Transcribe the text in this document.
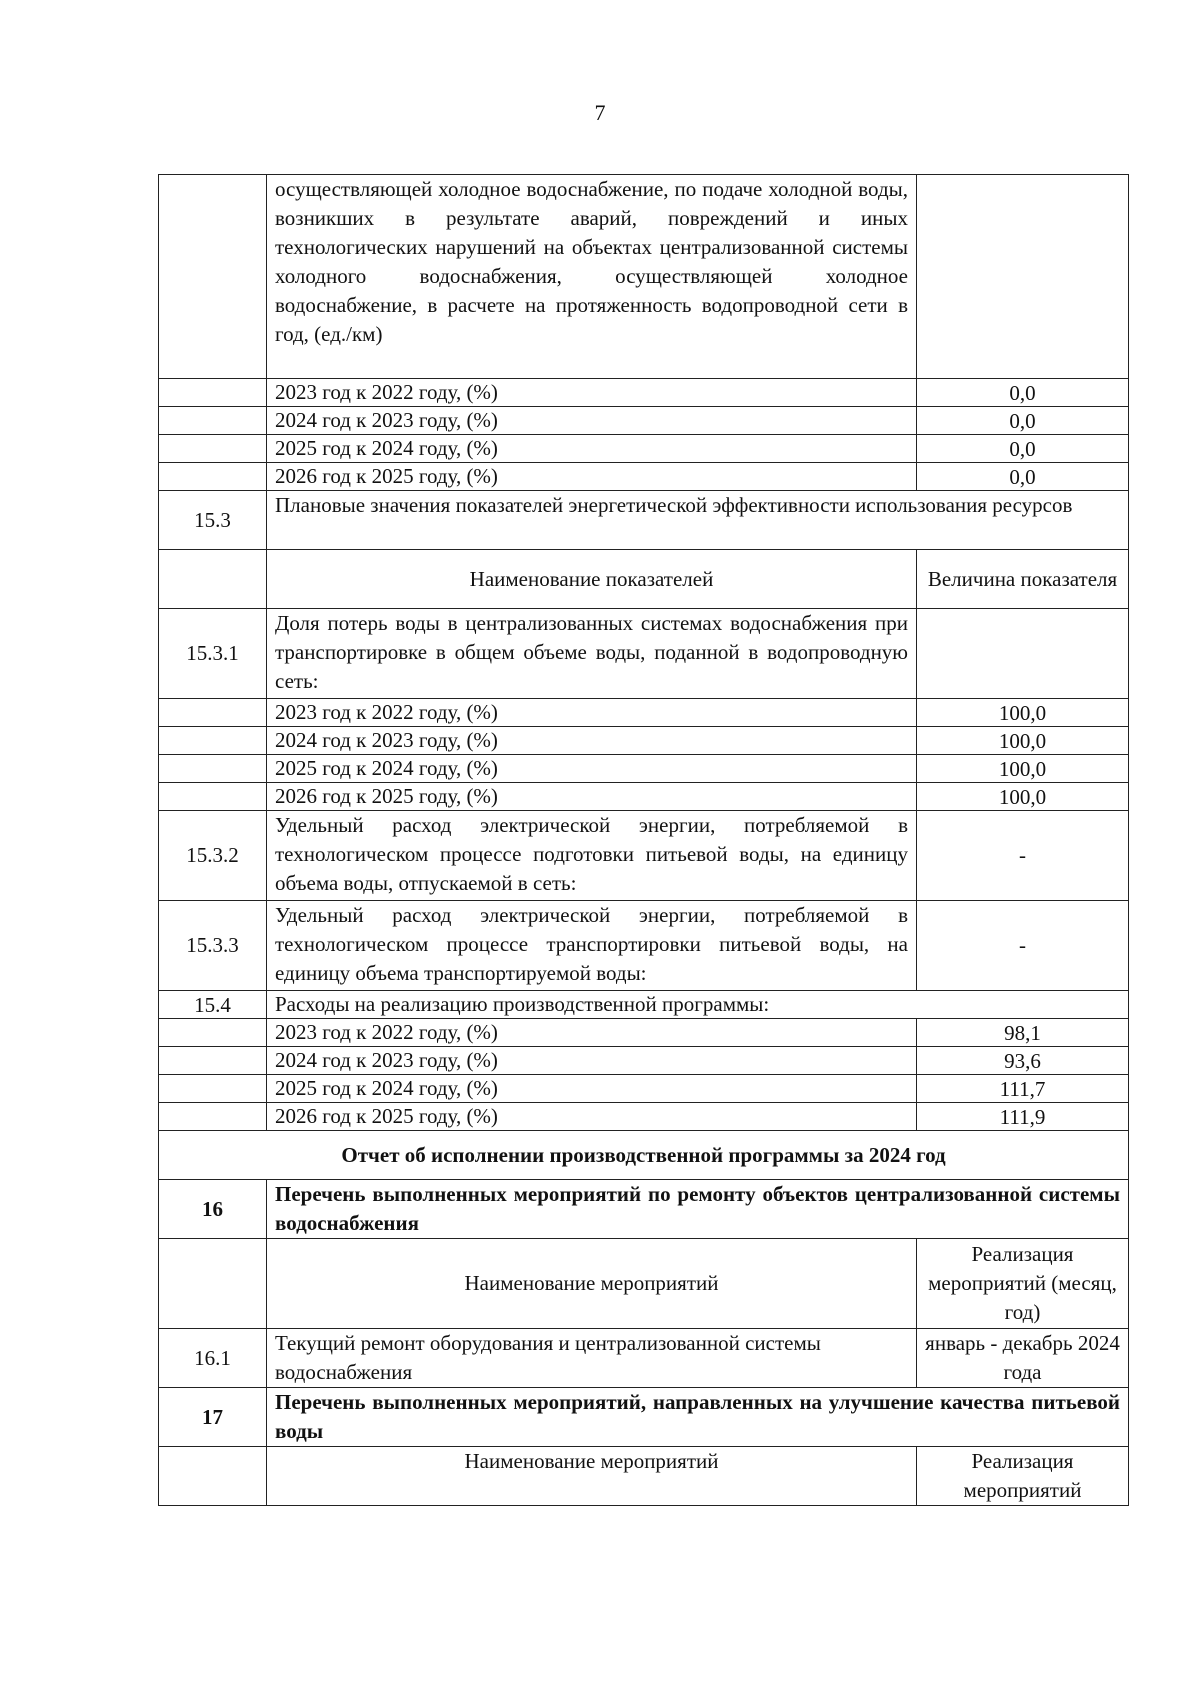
7
	осуществляющей холодное водоснабжение, по подаче холодной воды, возникших в результате аварий, повреждений и иных технологических нарушений на объектах централизованной системы холодного водоснабжения, осуществляющей холодное водоснабжение, в расчете на протяженность водопроводной сети в год, (ед./км)	
	2023 год к 2022 году, (%)	0,0
	2024 год к 2023 году, (%)	0,0
	2025 год к 2024 году, (%)	0,0
	2026 год к 2025 году, (%)	0,0
15.3	Плановые значения показателей энергетической эффективности использования ресурсов	
	Наименование показателей	Величина показателя
15.3.1	Доля потерь воды в централизованных системах водоснабжения при транспортировке в общем объеме воды, поданной в водопроводную сеть:	
	2023 год к 2022 году, (%)	100,0
	2024 год к 2023 году, (%)	100,0
	2025 год к 2024 году, (%)	100,0
	2026 год к 2025 году, (%)	100,0
15.3.2	Удельный расход электрической энергии, потребляемой в технологическом процессе подготовки питьевой воды, на единицу объема воды, отпускаемой в сеть:	-
15.3.3	Удельный расход электрической энергии, потребляемой в технологическом процессе транспортировки питьевой воды, на единицу объема транспортируемой воды:	-
15.4	Расходы на реализацию производственной программы:	
	2023 год к 2022 году, (%)	98,1
	2024 год к 2023 году, (%)	93,6
	2025 год к 2024 году, (%)	111,7
	2026 год к 2025 году, (%)	111,9
Отчет об исполнении производственной программы за 2024 год		
16	Перечень выполненных мероприятий по ремонту объектов централизованной системы водоснабжения	
	Наименование мероприятий	Реализация мероприятий (месяц, год)
16.1	Текущий ремонт оборудования и централизованной системы водоснабжения	январь - декабрь 2024 года
17	Перечень выполненных мероприятий, направленных на улучшение качества питьевой воды	
	Наименование мероприятий	Реализация мероприятий
